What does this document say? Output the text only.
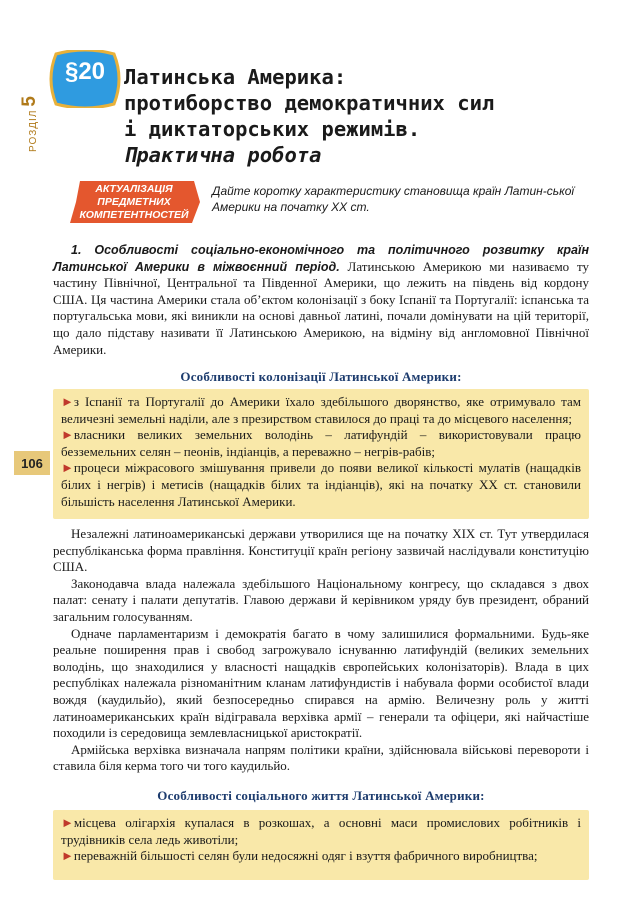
РОЗДІЛ
5
§20 Латинська Америка:
протиборство демократичних сил
і диктаторських режимів.
Практична робота
АКТУАЛІЗАЦІЯ
ПРЕДМЕТНИХ
КОМПЕТЕНТНОСТЕЙ
Дайте коротку характеристику становища країн Латин-ської Америки на початку ХХ ст.
1. Особливості соціально-економічного та політичного розвитку країн Латинської Америки в міжвоєнний період. Латинською Америкою ми називаємо ту частину Північної, Центральної та Південної Америки, що лежить на південь від кордону США. Ця частина Америки стала об’єктом колонізації з боку Іспанії та Португалії: іспанська та португальська мови, які виникли на основі давньої латині, почали домінувати на цій території, що дало підставу називати її Латинською Америкою, на відміну від англомовної Північної Америки.
Особливості колонізації Латинської Америки:
106
►з Іспанії та Португалії до Америки їхало здебільшого дворянство, яке отримувало там величезні земельні наділи, але з презирством ставилося до праці та до місцевого населення;
►власники великих земельних володінь – латифундій – використовували працю безземельних селян – пеонів, індіанців, а переважно – негрів-рабів;
►процеси міжрасового змішування привели до появи великої кількості мулатів (нащадків білих і негрів) і метисів (нащадків білих та індіанців), які на початку ХХ ст. становили більшість населення Латинської Америки.
Незалежні латиноамериканські держави утворилися ще на початку XIX ст. Тут утвердилася республіканська форма правління. Конституції країн регіону зазвичай наслідували конституцію США.
Законодавча влада належала здебільшого Національному конгресу, що складався з двох палат: сенату і палати депутатів. Главою держави й керівником уряду був президент, обраний загальним голосуванням.
Одначе парламентаризм і демократія багато в чому залишилися формальними. Будь-яке реальне поширення прав і свобод загрожувало існуванню латифундій (великих земельних володінь, що знаходилися у власності нащадків європейських колонізаторів). Влада в цих республіках належала різноманітним кланам латифундистів і набувала форми особистої влади вождя (каудильйо), який безпосередньо спирався на армію. Величезну роль у житті латиноамериканських країн відігравала верхівка армії – генерали та офіцери, які найчастіше походили із середовища землевласницької аристократії.
Армійська верхівка визначала напрям політики країни, здійснювала військові перевороти і ставила біля керма того чи того каудильйо.
Особливості соціального життя Латинської Америки:
►місцева олігархія купалася в розкошах, а основні маси промислових робітників і трудівників села ледь животіли;
►переважній більшості селян були недосяжні одяг і взуття фабричного виробництва;
